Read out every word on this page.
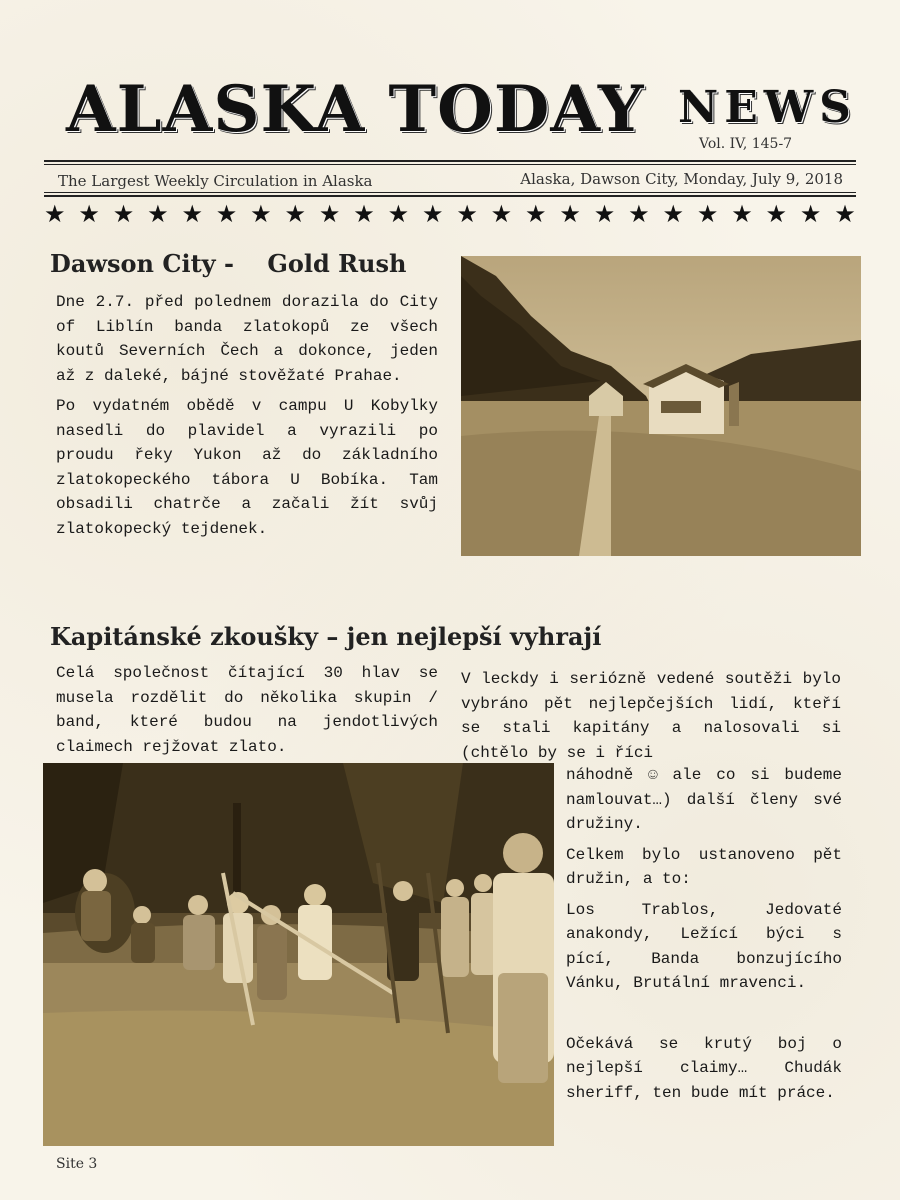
ALASKA TODAY NEWS
Vol. IV, 145-7
The Largest Weekly Circulation in Alaska	Alaska, Dawson City, Monday, July 9, 2018
★ ★ ★ ★ ★ ★ ★ ★ ★ ★ ★ ★ ★ ★ ★ ★ ★ ★ ★ ★ ★ ★ ★ ★
Dawson City -    Gold Rush

Dne 2.7. před polednem dorazila do City of Liblín banda zlatokopů ze všech koutů Severních Čech a dokonce, jeden až z daleké, bájné stověžaté Prahae.

Po vydatném obědě v campu U Kobylky nasedli do plavidel a vyrazili po proudu řeky Yukon až do základního zlatokopeckého tábora U Bobíka. Tam obsadili chatrče a začali žít svůj zlatokopecký tejdenek.

Kapitánské zkoušky – jen nejlepší vyhrají

Celá společnost čítající 30 hlav se musela rozdělit do několika skupin / band, které budou na jendotlivých claimech rejžovat zlato.

V leckdy i seriózně vedené soutěži bylo vybráno pět nejlepčejších lidí, kteří se stali kapitány a nalosovali si (chtělo by se i říci

náhodně ☺ ale co si budeme namlouvat…) další členy své družiny.

Celkem bylo ustanoveno pět družin, a to:

Los Trablos, Jedovaté anakondy, Ležící býci s pící, Banda bonzujícího Vánku, Brutální mravenci.

Očekává se krutý boj o nejlepší claimy… Chudák sheriff, ten bude mít práce.

Site 3
